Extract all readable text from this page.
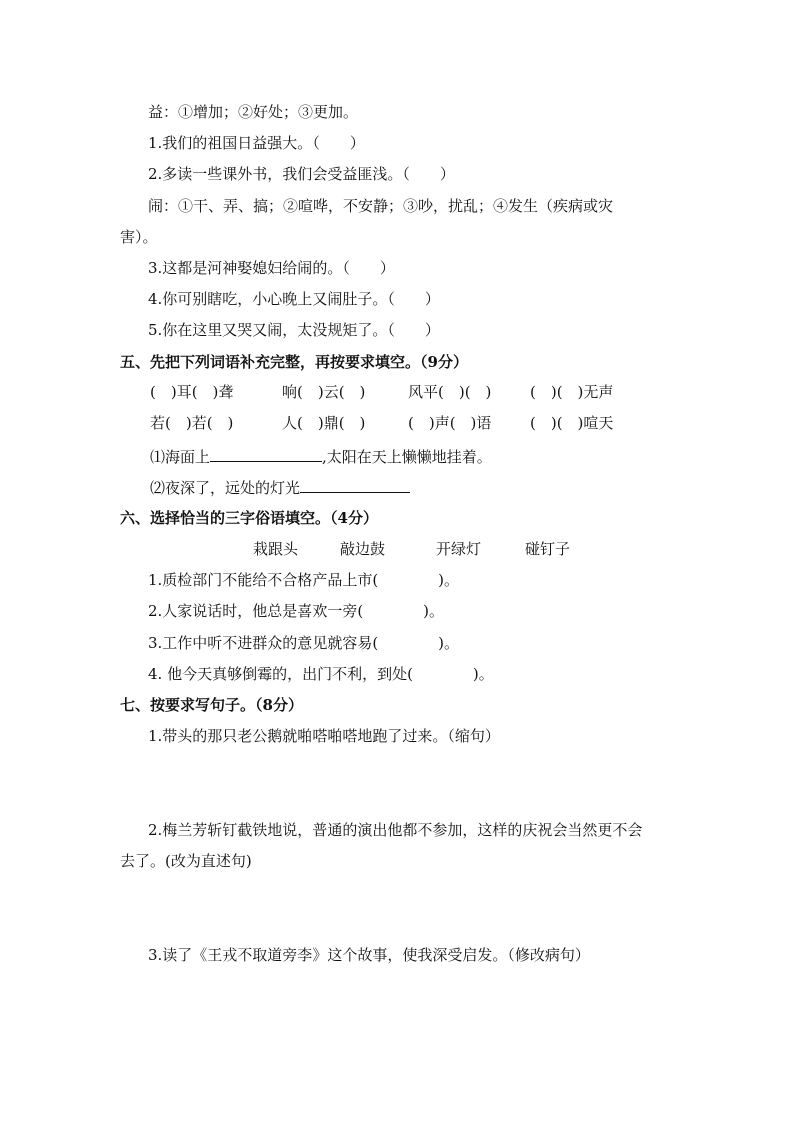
益：①增加；②好处；③更加。
1.我们的祖国日益强大。（　　）
2.多读一些课外书，我们会受益匪浅。（　　）
闹：①干、弄、搞；②喧哗，不安静；③吵，扰乱；④发生（疾病或灾
害）。
3.这都是河神娶媳妇给闹的。（　　）
4.你可别瞎吃，小心晚上又闹肚子。（　　）
5.你在这里又哭又闹，太没规矩了。（　　）
五、先把下列词语补充完整，再按要求填空。（9分）
(　)耳(　)聋	响(　)云(　)	风平(　)(　)	(　)(　)无声
若(　)若(　)	人(　)鼎(　)	(　)声(　)语	(　)(　)喧天
⑴海面上	,太阳在天上懒懒地挂着。
⑵夜深了，远处的灯光
六、选择恰当的三字俗语填空。（4分）
栽跟头	敲边鼓	开绿灯	碰钉子
1.质检部门不能给不合格产品上市(　　　　)。
2.人家说话时，他总是喜欢一旁(　　　　)。
3.工作中听不进群众的意见就容易(　　　　)。
4. 他今天真够倒霉的，出门不利，到处(　　　　)。
七、按要求写句子。（8分）
1.带头的那只老公鹅就啪嗒啪嗒地跑了过来。（缩句）
2.梅兰芳斩钉截铁地说，普通的演出他都不参加，这样的庆祝会当然更不会
去了。(改为直述句)
3.读了《王戎不取道旁李》这个故事，使我深受启发。（修改病句）
